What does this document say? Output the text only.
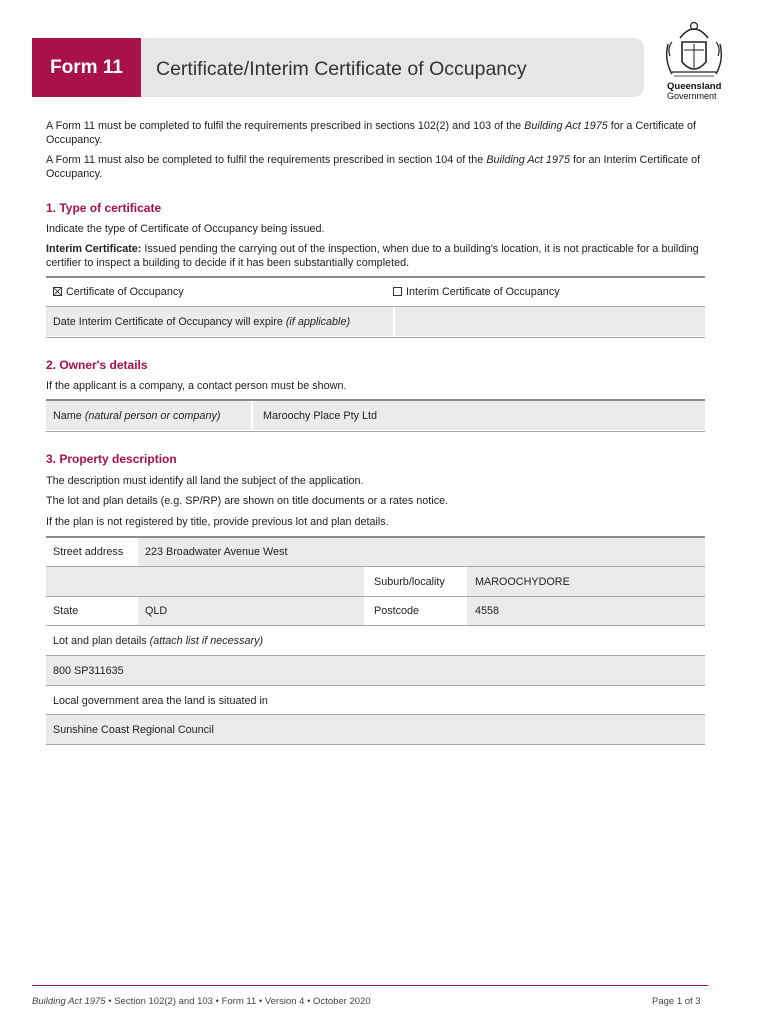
Form 11	Certificate/Interim Certificate of Occupancy
Queensland
Government

A Form 11 must be completed to fulfil the requirements prescribed in sections 102(2) and 103 of the Building Act 1975 for a Certificate of Occupancy.

A Form 11 must also be completed to fulfil the requirements prescribed in section 104 of the Building Act 1975 for an Interim Certificate of Occupancy.

1. Type of certificate

Indicate the type of Certificate of Occupancy being issued.

Interim Certificate: Issued pending the carrying out of the inspection, when due to a building's location, it is not practicable for a building certifier to inspect a building to decide if it has been substantially completed.

Certificate of Occupancy	Interim Certificate of Occupancy
Date Interim Certificate of Occupancy will expire (if applicable)
2. Owner's details

If the applicant is a company, a contact person must be shown.

Name (natural person or company)	Maroochy Place Pty Ltd
3. Property description

The description must identify all land the subject of the application.

The lot and plan details (e.g. SP/RP) are shown on title documents or a rates notice.

If the plan is not registered by title, provide previous lot and plan details.

Street address 223 Broadwater Avenue West
Suburb/locality	MAROOCHYDORE
State	QLD	Postcode	4558
Lot and plan details (attach list if necessary)
800 SP311635
Local government area the land is situated in
Sunshine Coast Regional Council
Building Act 1975 • Section 102(2) and 103 • Form 11 • Version 4 • October 2020	Page 1 of 3
